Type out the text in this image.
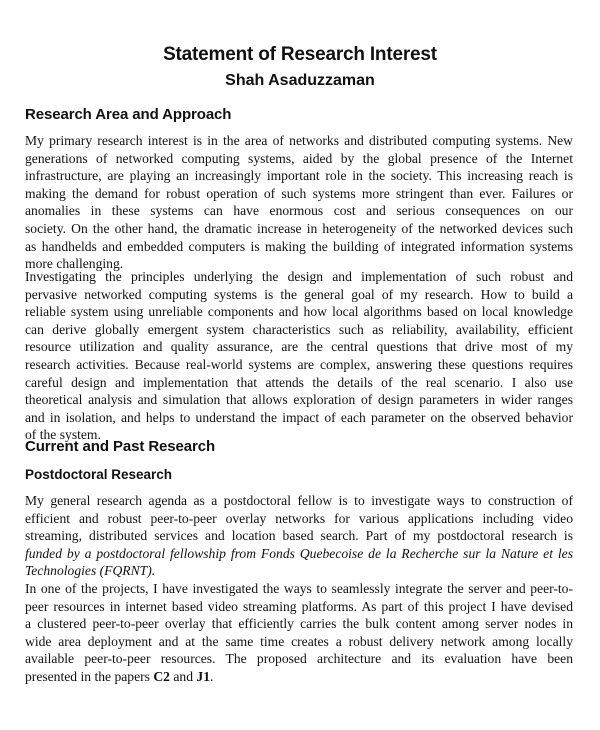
Statement of Research Interest
Shah Asaduzzaman
Research Area and Approach
My primary research interest is in the area of networks and distributed computing systems. New
generations of networked computing systems, aided by the global presence of the Internet
infrastructure, are playing an increasingly important role in the society. This increasing reach is
making the demand for robust operation of such systems more stringent than ever. Failures or
anomalies in these systems can have enormous cost and serious consequences on our
society. On the other hand, the dramatic increase in heterogeneity of the networked devices such
as handhelds and embedded computers is making the building of integrated information systems
more challenging.
Investigating the principles underlying the design and implementation of such robust and
pervasive networked computing systems is the general goal of my research. How to build a
reliable system using unreliable components and how local algorithms based on local knowledge
can derive globally emergent system characteristics such as reliability, availability, efficient
resource utilization and quality assurance, are the central questions that drive most of my
research activities. Because real-world systems are complex, answering these questions requires
careful design and implementation that attends the details of the real scenario. I also use
theoretical analysis and simulation that allows exploration of design parameters in wider ranges
and in isolation, and helps to understand the impact of each parameter on the observed behavior
of the system.
Current and Past Research
Postdoctoral Research
My general research agenda as a postdoctoral fellow is to investigate ways to construction of
efficient and robust peer-to-peer overlay networks for various applications including video
streaming, distributed services and location based search. Part of my postdoctoral research is
funded by a postdoctoral fellowship from Fonds Quebecoise de la Recherche sur la Nature et les
Technologies (FQRNT).
In one of the projects, I have investigated the ways to seamlessly integrate the server and peer-to-
peer resources in internet based video streaming platforms. As part of this project I have devised
a clustered peer-to-peer overlay that efficiently carries the bulk content among server nodes in
wide area deployment and at the same time creates a robust delivery network among locally
available peer-to-peer resources. The proposed architecture and its evaluation have been
presented in the papers C2 and J1.
